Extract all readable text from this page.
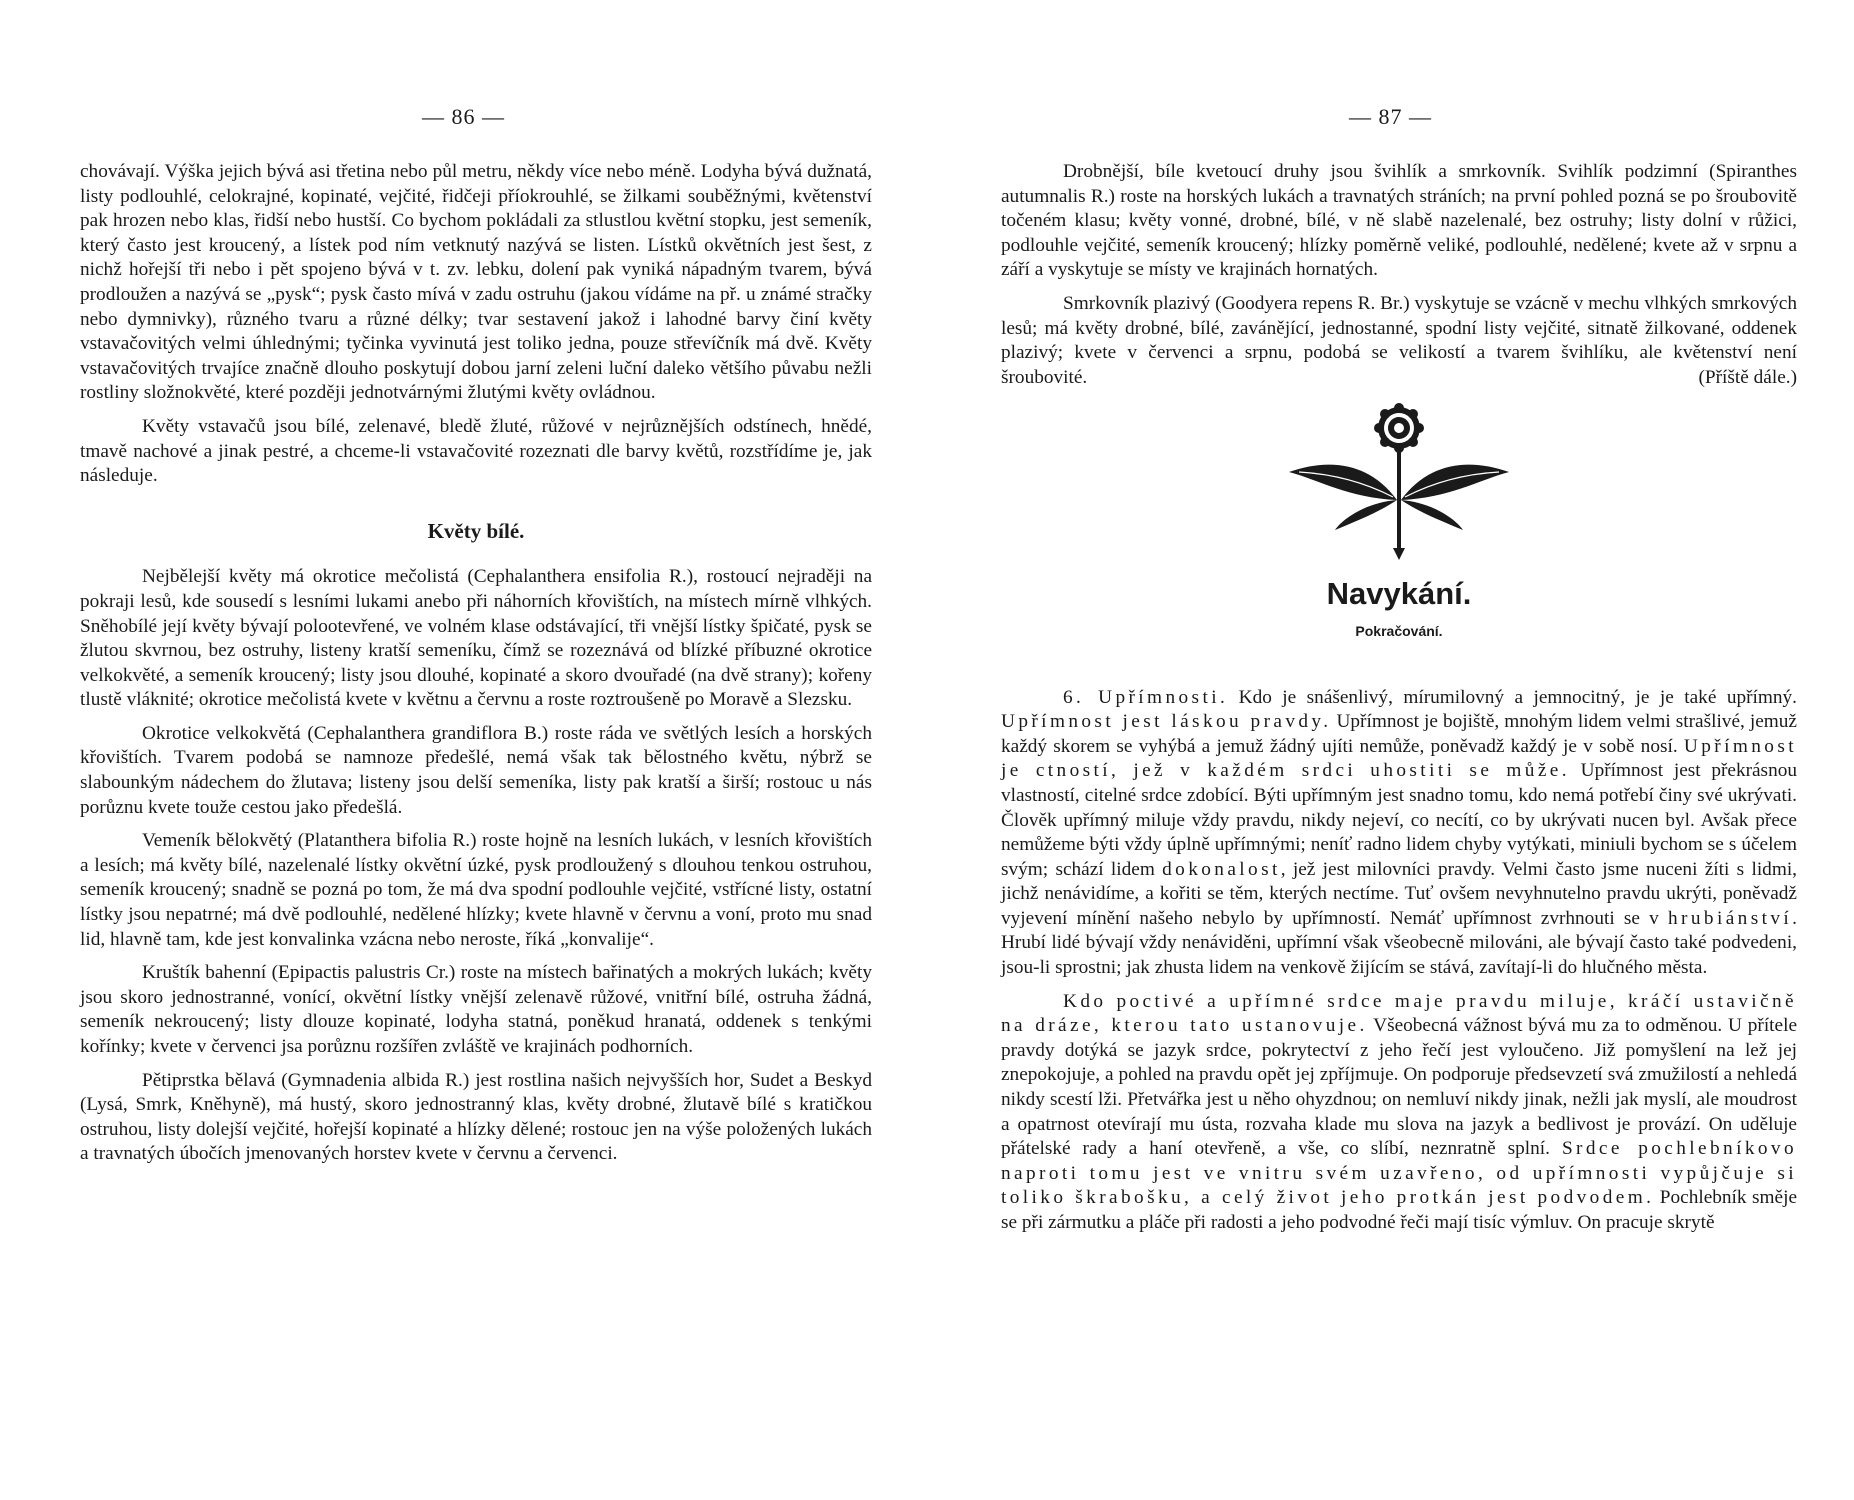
— 86 —

chovávají. Výška jejich bývá asi třetina nebo půl metru, někdy více nebo méně. Lodyha bývá dužnatá, listy podlouhlé, celokrajné, kopinaté, vejčité, řidčeji příokrouhlé, se žilkami souběžnými, květenství pak hrozen nebo klas, řidší nebo hustší. Co bychom pokládali za stlustlou květní stopku, jest semeník, který často jest kroucený, a lístek pod ním vetknutý nazývá se listen. Lístků okvětních jest šest, z nichž hořejší tři nebo i pět spojeno bývá v t. zv. lebku, dolení pak vyniká nápadným tvarem, bývá prodloužen a nazývá se „pysk“; pysk často mívá v zadu ostruhu (jakou vídáme na př. u známé stračky nebo dymnivky), různého tvaru a různé délky; tvar sestavení jakož i lahodné barvy činí květy vstavačovitých velmi úhlednými; tyčinka vyvinutá jest toliko jedna, pouze střevíčník má dvě. Květy vstavačovitých trvajíce značně dlouho poskytují dobou jarní zeleni luční daleko většího půvabu nežli rostliny složnokvěté, které později jednotvárnými žlutými květy ovládnou.

Květy vstavačů jsou bílé, zelenavé, bledě žluté, růžové v nejrůznějších odstínech, hnědé, tmavě nachové a jinak pestré, a chceme-li vstavačovité rozeznati dle barvy květů, rozstřídíme je, jak následuje.

Květy bílé.

Nejbělejší květy má okrotice mečolistá (Cephalanthera ensifolia R.), rostoucí nejraději na pokraji lesů, kde sousedí s lesními lukami anebo při náhorních křovištích, na místech mírně vlhkých. Sněhobílé její květy bývají polootevřené, ve volném klase odstávající, tři vnější lístky špičaté, pysk se žlutou skvrnou, bez ostruhy, listeny kratší semeníku, čímž se rozeznává od blízké příbuzné okrotice velkokvěté, a semeník kroucený; listy jsou dlouhé, kopinaté a skoro dvouřadé (na dvě strany); kořeny tlustě vláknité; okrotice mečolistá kvete v květnu a červnu a roste roztroušeně po Moravě a Slezsku.

Okrotice velkokvětá (Cephalanthera grandiflora B.) roste ráda ve světlých lesích a horských křovištích. Tvarem podobá se namnoze předešlé, nemá však tak bělostného květu, nýbrž se slabounkým nádechem do žlutava; listeny jsou delší semeníka, listy pak kratší a širší; rostouc u nás porůznu kvete touže cestou jako předešlá.

Vemeník bělokvětý (Platanthera bifolia R.) roste hojně na lesních lukách, v lesních křovištích a lesích; má květy bílé, nazelenalé lístky okvětní úzké, pysk prodloužený s dlouhou tenkou ostruhou, semeník kroucený; snadně se pozná po tom, že má dva spodní podlouhle vejčité, vstřícné listy, ostatní lístky jsou nepatrné; má dvě podlouhlé, nedělené hlízky; kvete hlavně v červnu a voní, proto mu snad lid, hlavně tam, kde jest konvalinka vzácna nebo neroste, říká „konvalije“.

Kruštík bahenní (Epipactis palustris Cr.) roste na místech bařinatých a mokrých lukách; květy jsou skoro jednostranné, vonící, okvětní lístky vnější zelenavě růžové, vnitřní bílé, ostruha žádná, semeník nekroucený; listy dlouze kopinaté, lodyha statná, poněkud hranatá, oddenek s tenkými kořínky; kvete v červenci jsa porůznu rozšířen zvláště ve krajinách podhorních.

Pětiprstka bělavá (Gymnadenia albida R.) jest rostlina našich nejvyšších hor, Sudet a Beskyd (Lysá, Smrk, Kněhyně), má hustý, skoro jednostranný klas, květy drobné, žlutavě bílé s kratičkou ostruhou, listy dolejší vejčité, hořejší kopinaté a hlízky dělené; rostouc jen na výše položených lukách a travnatých úbočích jmenovaných horstev kvete v červnu a červenci.

— 87 —

Drobnější, bíle kvetoucí druhy jsou švihlík a smrkovník. Svihlík podzimní (Spiranthes autumnalis R.) roste na horských lukách a travnatých stráních; na první pohled pozná se po šroubovitě točeném klasu; květy vonné, drobné, bílé, v ně slabě nazelenalé, bez ostruhy; listy dolní v růžici, podlouhle vejčité, semeník kroucený; hlízky poměrně veliké, podlouhlé, nedělené; kvete až v srpnu a září a vyskytuje se místy ve krajinách hornatých.

Smrkovník plazivý (Goodyera repens R. Br.) vyskytuje se vzácně v mechu vlhkých smrkových lesů; má květy drobné, bílé, zavánějící, jednostanné, spodní listy vejčité, sitnatě žilkované, oddenek plazivý; kvete v červenci a srpnu, podobá se velikostí a tvarem švihlíku, ale květenství není šroubovité.	(Příště dále.)

Navykání.
Pokračování.

6. Upřímnosti. Kdo je snášenlivý, mírumilovný a jemnocitný, je je také upřímný. Upřímnost jest láskou pravdy. Upřímnost je bojiště, mnohým lidem velmi strašlivé, jemuž každý skorem se vyhýbá a jemuž žádný ujíti nemůže, poněvadž každý je v sobě nosí. Upřímnost je ctností, jež v každém srdci uhostiti se může. Upřímnost jest překrásnou vlastností, citelné srdce zdobící. Býti upřímným jest snadno tomu, kdo nemá potřebí činy své ukrývati. Člověk upřímný miluje vždy pravdu, nikdy nejeví, co necítí, co by ukrývati nucen byl. Avšak přece nemůžeme býti vždy úplně upřímnými; neníť radno lidem chyby vytýkati, miniuli bychom se s účelem svým; schází lidem dokonalost, jež jest milovníci pravdy. Velmi často jsme nuceni žíti s lidmi, jichž nenávidíme, a kořiti se těm, kterých nectíme. Tuť ovšem nevyhnutelno pravdu ukrýti, poněvadž vyjevení mínění našeho nebylo by upřímností. Nemáť upřímnost zvrhnouti se v hrubiánství. Hrubí lidé bývají vždy nenáviděni, upřímní však všeobecně milováni, ale bývají často také podvedeni, jsou-li sprostni; jak zhusta lidem na venkově žijícím se stává, zavítají-li do hlučného města.

Kdo poctivé a upřímné srdce maje pravdu miluje, kráčí ustavičně na dráze, kterou tato ustanovuje. Všeobecná vážnost bývá mu za to odměnou. U přítele pravdy dotýká se jazyk srdce, pokrytectví z jeho řečí jest vyloučeno. Již pomyšlení na lež jej znepokojuje, a pohled na pravdu opět jej zpříjmuje. On podporuje předsevzetí svá zmužilostí a nehledá nikdy scestí lži. Přetvářka jest u něho ohyzdnou; on nemluví nikdy jinak, nežli jak myslí, ale moudrost a opatrnost otevírají mu ústa, rozvaha klade mu slova na jazyk a bedlivost je provází. On uděluje přátelské rady a haní otevřeně, a vše, co slíbí, neznratně splní. Srdce pochlebníkovo naproti tomu jest ve vnitru svém uzavřeno, od upřímnosti vypůjčuje si toliko škrabošku, a celý život jeho protkán jest podvodem. Pochlebník směje se při zármutku a pláče při radosti a jeho podvodné řeči mají tisíc výmluv. On pracuje skrytě
